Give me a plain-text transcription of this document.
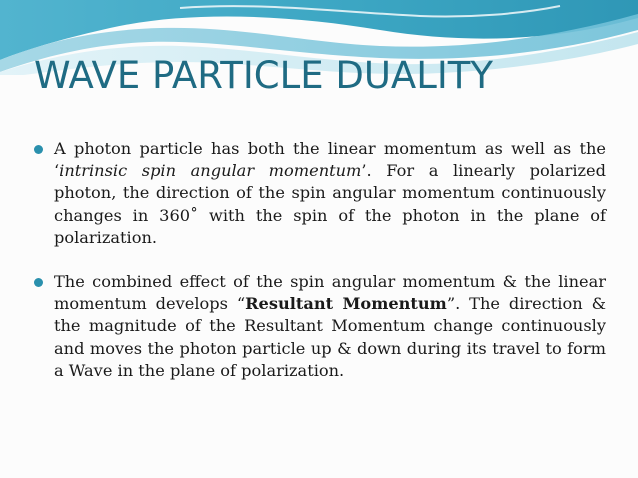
WAVE PARTICLE DUALITY
A photon particle has both the linear momentum as well as the ‘intrinsic spin angular momentum’. For a linearly polarized photon, the direction of the spin angular momentum continuously changes in 360˚ with the spin of the photon in the plane of polarization.
The combined effect of the spin angular momentum & the linear momentum develops “Resultant Momentum”. The direction & the magnitude of the Resultant Momentum change continuously and moves the photon particle up & down during its travel to form a Wave in the plane of polarization.
